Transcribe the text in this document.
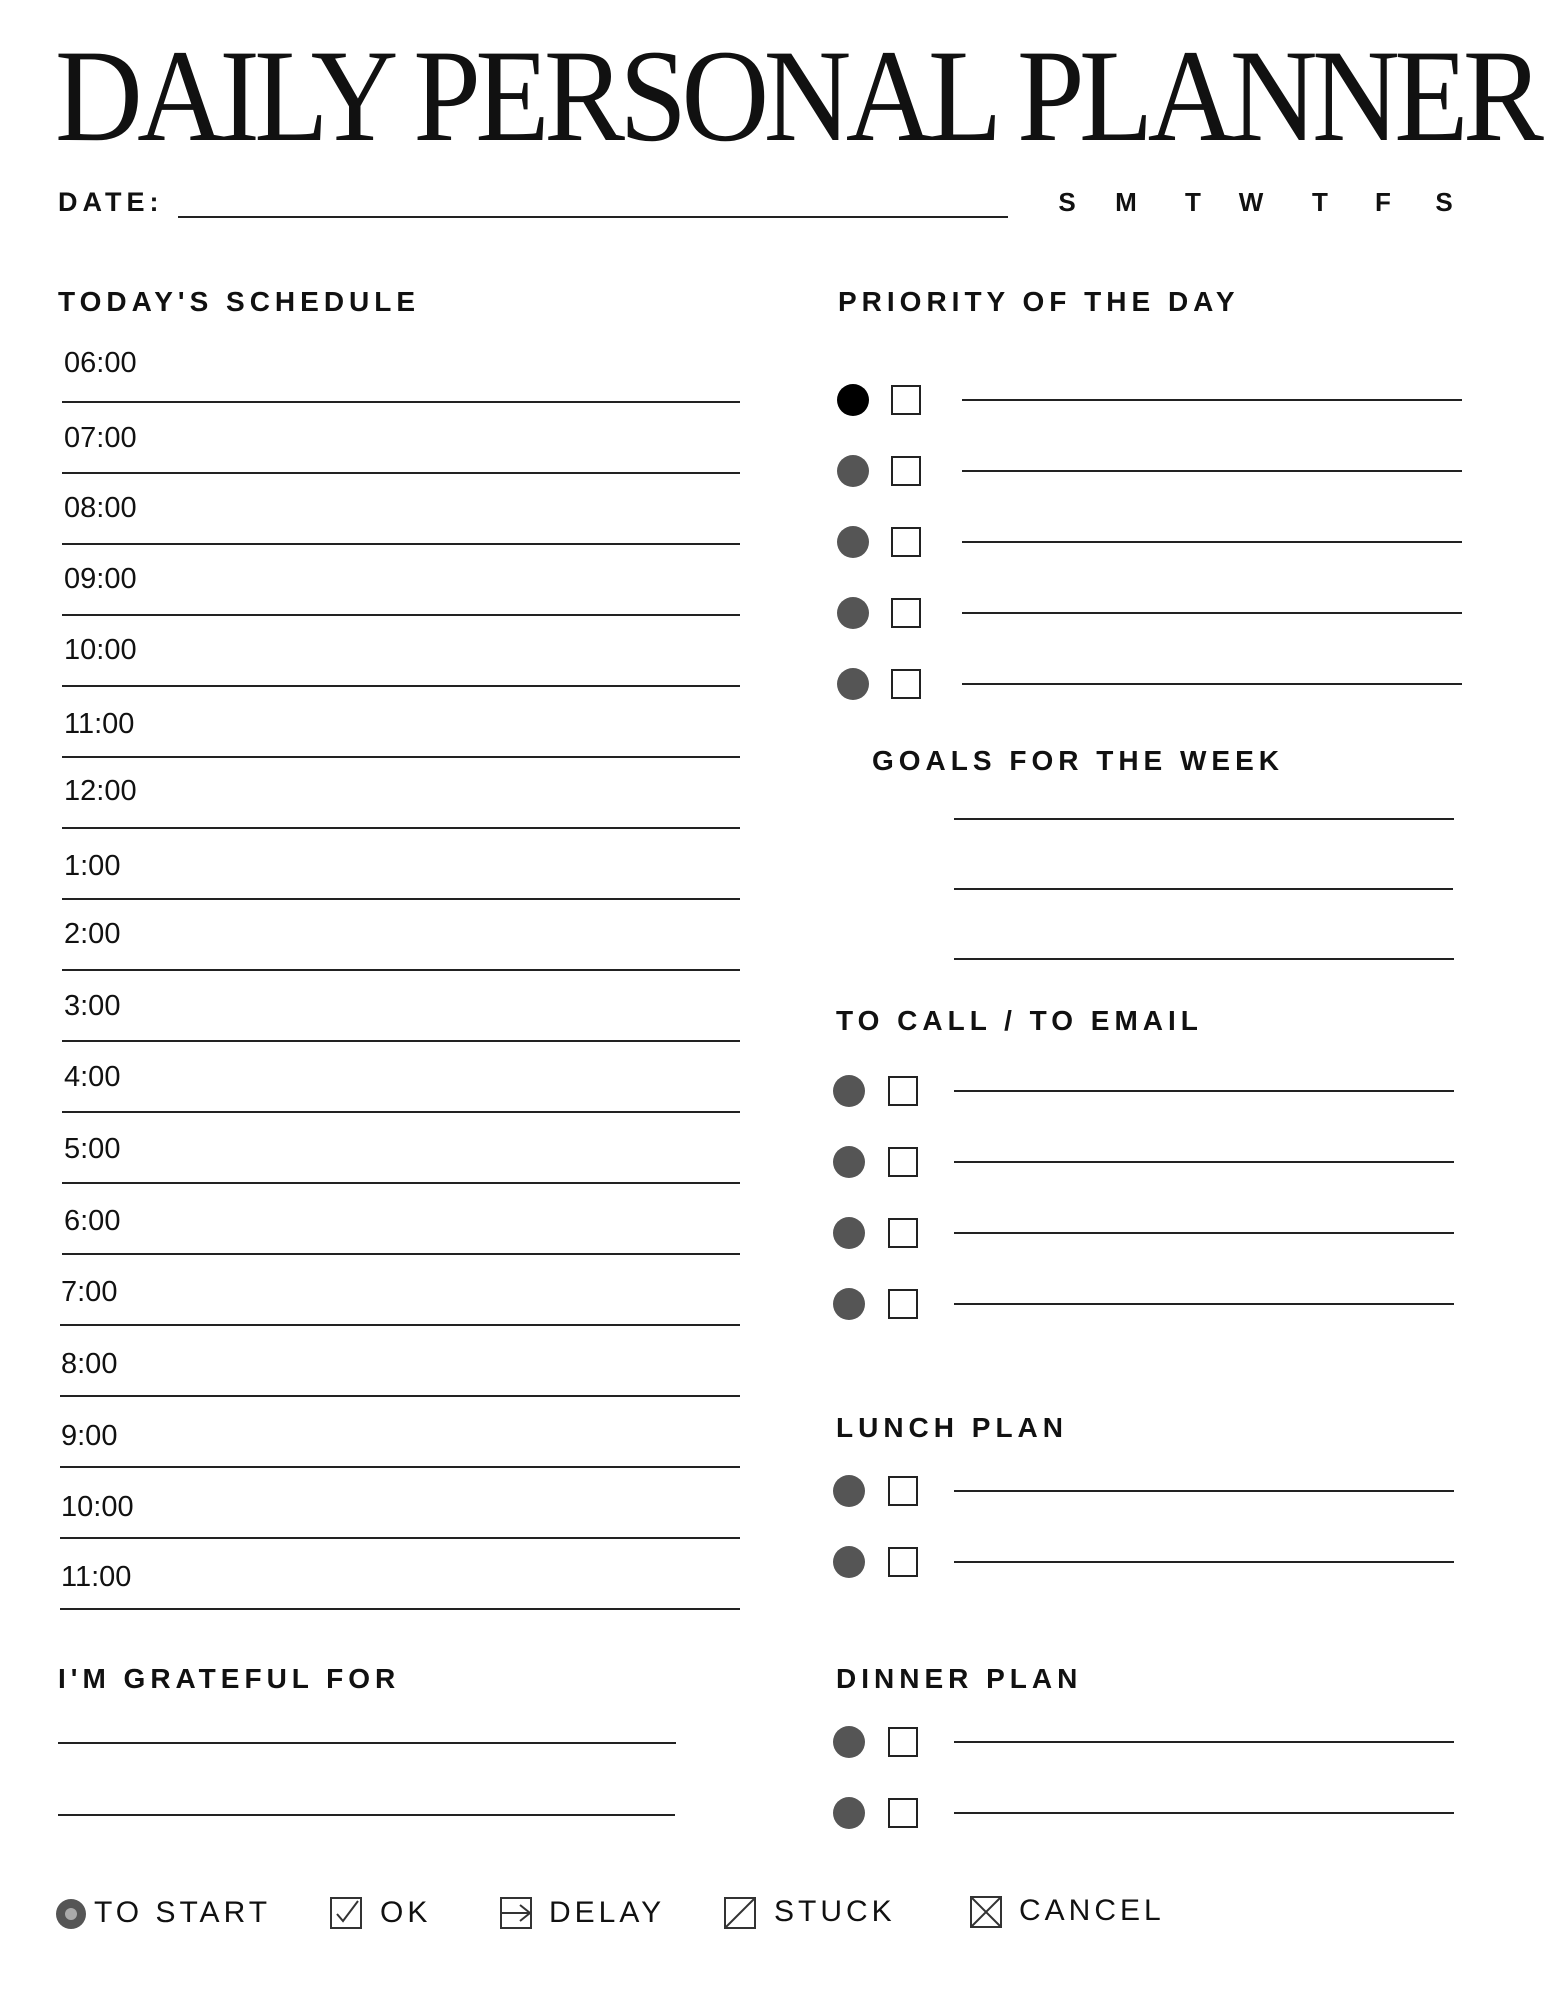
DAILY PERSONAL PLANNER
DATE:	S M T W T F S
TODAY'S SCHEDULE	PRIORITY OF THE DAY
GOALS FOR THE WEEK
TO CALL / TO EMAIL
LUNCH PLAN
DINNER PLAN
I'M GRATEFUL FOR
06:00
07:00
08:00
09:00
10:00
11:00
12:00
1:00
2:00
3:00
4:00
5:00
6:00
7:00
8:00
9:00
10:00
11:00
TO START	OK	DELAY	STUCK	CANCEL
